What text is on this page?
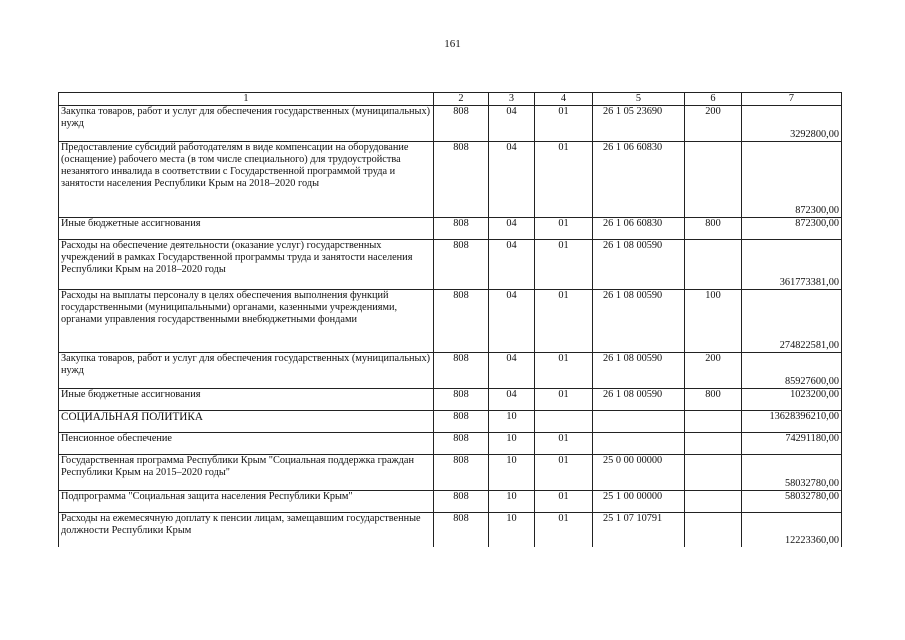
161
1	2	3	4	5	6	7
Закупка товаров, работ и услуг для обеспечения государственных (муниципальных) нужд	808	04	01	26 1 05 23690	200	3292800,00
Предоставление субсидий работодателям в виде компенсации на оборудование (оснащение) рабочего места (в том числе специального) для трудоустройства незанятого инвалида в соответствии с Государственной программой труда и занятости населения Республики Крым на 2018–2020 годы	808	04	01	26 1 06 60830		872300,00
Иные бюджетные ассигнования	808	04	01	26 1 06 60830	800	872300,00
Расходы на обеспечение деятельности (оказание услуг) государственных учреждений в рамках Государственной программы труда и занятости населения Республики Крым на 2018–2020 годы	808	04	01	26 1 08 00590		361773381,00
Расходы на выплаты персоналу в целях обеспечения выполнения функций государственными (муниципальными) органами, казенными учреждениями, органами управления государственными внебюджетными фондами	808	04	01	26 1 08 00590	100	274822581,00
Закупка товаров, работ и услуг для обеспечения государственных (муниципальных) нужд	808	04	01	26 1 08 00590	200	85927600,00
Иные бюджетные ассигнования	808	04	01	26 1 08 00590	800	1023200,00
СОЦИАЛЬНАЯ ПОЛИТИКА	808	10				13628396210,00
Пенсионное обеспечение	808	10	01			74291180,00
Государственная программа Республики Крым "Социальная поддержка граждан Республики Крым на 2015–2020 годы"	808	10	01	25 0 00 00000		58032780,00
Подпрограмма "Социальная защита населения Республики Крым"	808	10	01	25 1 00 00000		58032780,00
Расходы на ежемесячную доплату к пенсии лицам, замещавшим государственные должности Республики Крым	808	10	01	25 1 07 10791		12223360,00
